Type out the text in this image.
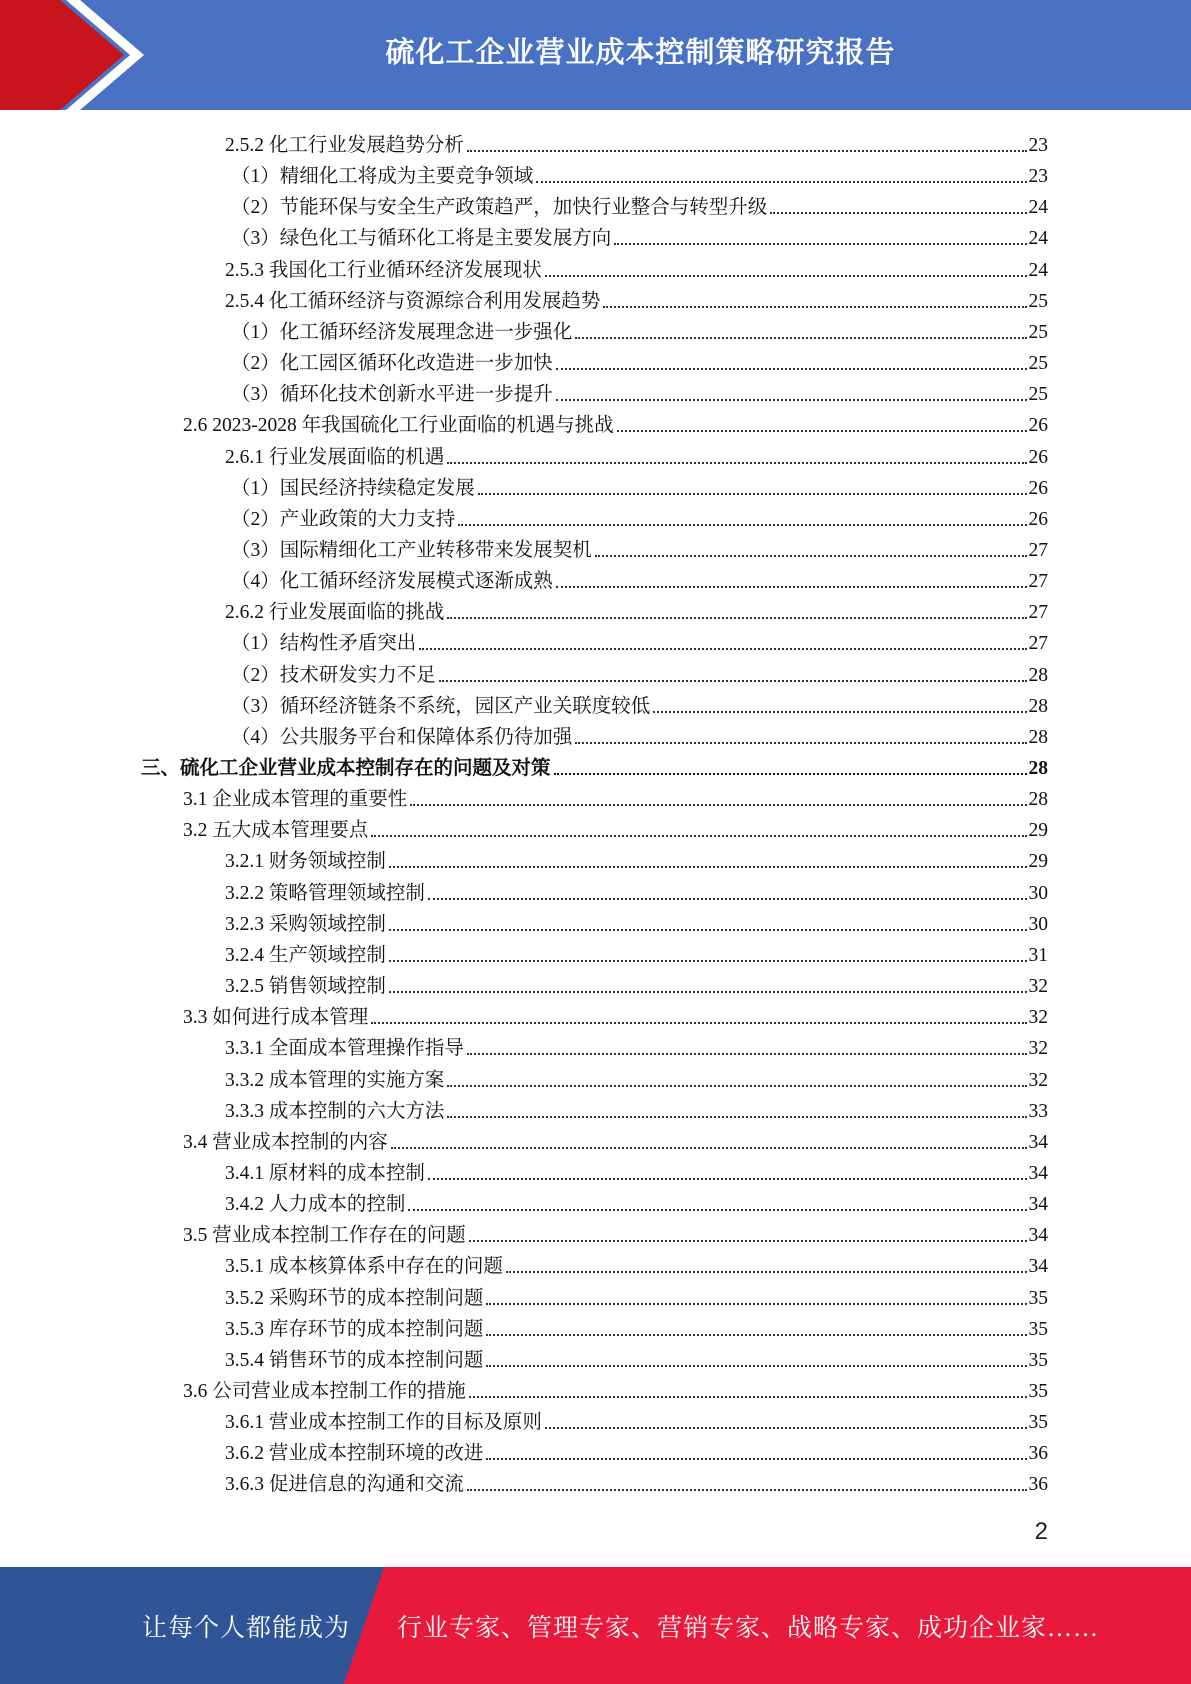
硫化工企业营业成本控制策略研究报告
2.5.2 化工行业发展趋势分析	23
（1）精细化工将成为主要竞争领域	23
（2）节能环保与安全生产政策趋严，加快行业整合与转型升级	24
（3）绿色化工与循环化工将是主要发展方向	24
2.5.3 我国化工行业循环经济发展现状	24
2.5.4 化工循环经济与资源综合利用发展趋势	25
（1）化工循环经济发展理念进一步强化	25
（2）化工园区循环化改造进一步加快	25
（3）循环化技术创新水平进一步提升	25
2.6 2023-2028 年我国硫化工行业面临的机遇与挑战	26
2.6.1 行业发展面临的机遇	26
（1）国民经济持续稳定发展	26
（2）产业政策的大力支持	26
（3）国际精细化工产业转移带来发展契机	27
（4）化工循环经济发展模式逐渐成熟	27
2.6.2 行业发展面临的挑战	27
（1）结构性矛盾突出	27
（2）技术研发实力不足	28
（3）循环经济链条不系统，园区产业关联度较低	28
（4）公共服务平台和保障体系仍待加强	28
三、硫化工企业营业成本控制存在的问题及对策	28
3.1 企业成本管理的重要性	28
3.2 五大成本管理要点	29
3.2.1 财务领域控制	29
3.2.2 策略管理领域控制	30
3.2.3 采购领域控制	30
3.2.4 生产领域控制	31
3.2.5 销售领域控制	32
3.3 如何进行成本管理	32
3.3.1 全面成本管理操作指导	32
3.3.2 成本管理的实施方案	32
3.3.3 成本控制的六大方法	33
3.4 营业成本控制的内容	34
3.4.1 原材料的成本控制	34
3.4.2 人力成本的控制	34
3.5 营业成本控制工作存在的问题	34
3.5.1 成本核算体系中存在的问题	34
3.5.2 采购环节的成本控制问题	35
3.5.3 库存环节的成本控制问题	35
3.5.4 销售环节的成本控制问题	35
3.6 公司营业成本控制工作的措施	35
3.6.1 营业成本控制工作的目标及原则	35
3.6.2 营业成本控制环境的改进	36
3.6.3 促进信息的沟通和交流	36
2
让每个人都能成为 行业专家、管理专家、营销专家、战略专家、成功企业家……
